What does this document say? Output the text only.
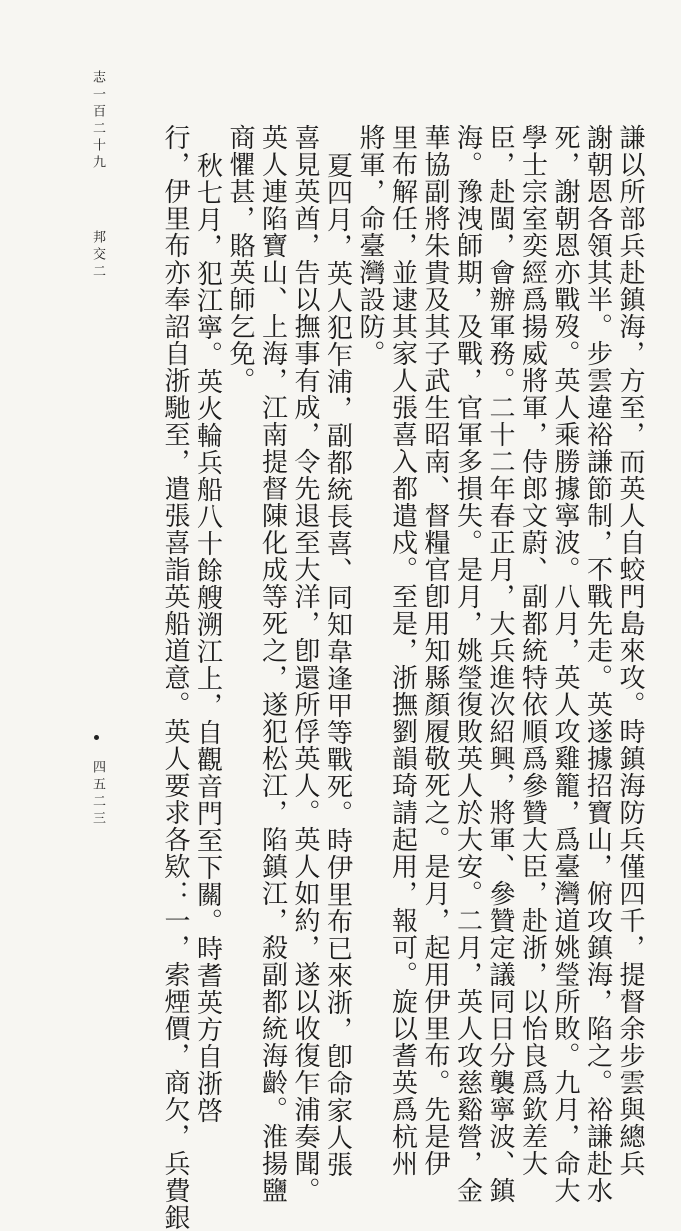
謙以所部兵赴鎮海，方至，而英人自蛟門島來攻。時鎮海防兵僅四千，提督余步雲與總兵
謝朝恩各領其半。步雲違裕謙節制，不戰先走。英遂據招寶山，俯攻鎮海，陷之。裕謙赴水
死，謝朝恩亦戰歿。英人乘勝據寧波。八月，英人攻雞籠，爲臺灣道姚瑩所敗。九月，命大
學士宗室奕經爲揚威將軍，侍郎文蔚、副都統特依順爲參贊大臣，赴浙，以怡良爲欽差大
臣，赴閩，會辦軍務。二十二年春正月，大兵進次紹興，將軍、參贊定議同日分襲寧波、鎮
海。豫洩師期，及戰，官軍多損失。是月，姚瑩復敗英人於大安。二月，英人攻慈谿營，金
華協副將朱貴及其子武生昭南、督糧官卽用知縣顏履敬死之。是月，起用伊里布。先是伊
里布解任，並逮其家人張喜入都遣戍。至是，浙撫劉韻琦請起用，報可。旋以耆英爲杭州
將軍，命臺灣設防。
夏四月，英人犯乍浦，副都統長喜、同知韋逢甲等戰死。時伊里布已來浙，卽命家人張
喜見英酋，告以撫事有成，令先退至大洋，卽還所俘英人。英人如約，遂以收復乍浦奏聞。
英人連陷寶山、上海，江南提督陳化成等死之，遂犯松江，陷鎮江，殺副都統海齡。淮揚鹽
商懼甚，賂英師乞免。
秋七月，犯江寧。英火輪兵船八十餘艘溯江上，自觀音門至下關。時耆英方自浙啓
行，伊里布亦奉詔自浙馳至，遣張喜詣英船道意。英人要求各欵：一，索煙價，商欠，兵費銀
志一百二十九
邦交二
四五二三
